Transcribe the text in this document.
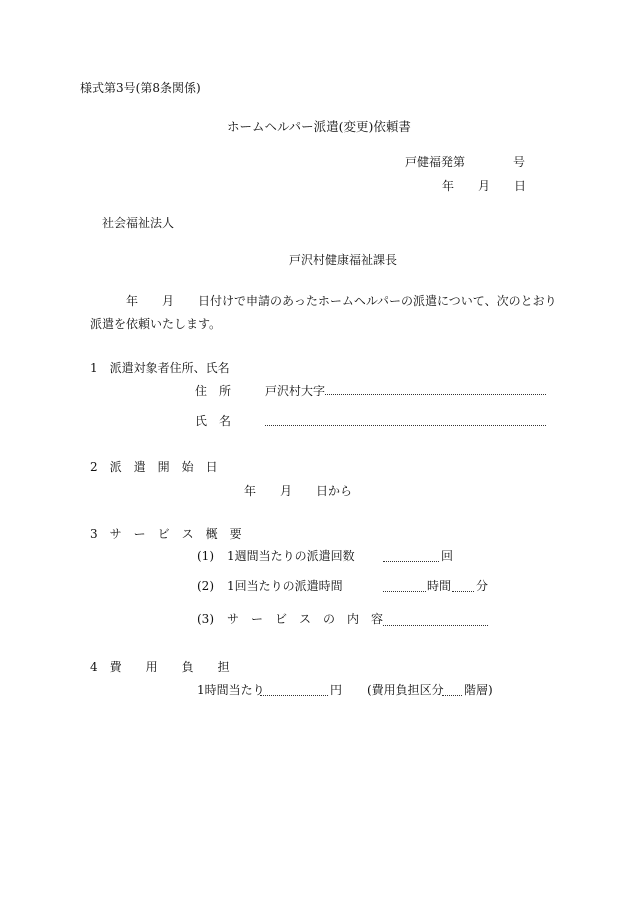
様式第3号(第8条関係)
ホームヘルパー派遣(変更)依頼書
戸健福発第　　　　号
年　　月　　日
社会福祉法人
戸沢村健康福祉課長
年　　月　　日付けで申請のあったホームヘルパーの派遣について、次のとおり
派遣を依頼いたします。
1　派遣対象者住所、氏名
住　所	戸沢村大字
氏　名
2　派　遣　開　始　日
年　　月　　日から
3　サ　ー　ビ　ス　概　要
(1) 1週間当たりの派遣回数	回
(2) 1回当たりの派遣時間	時間 分
(3) サ　ー　ビ　ス　の　内　容
4　費　　用　　負　　担
1時間当たり	円 (費用負担区分 階層)
